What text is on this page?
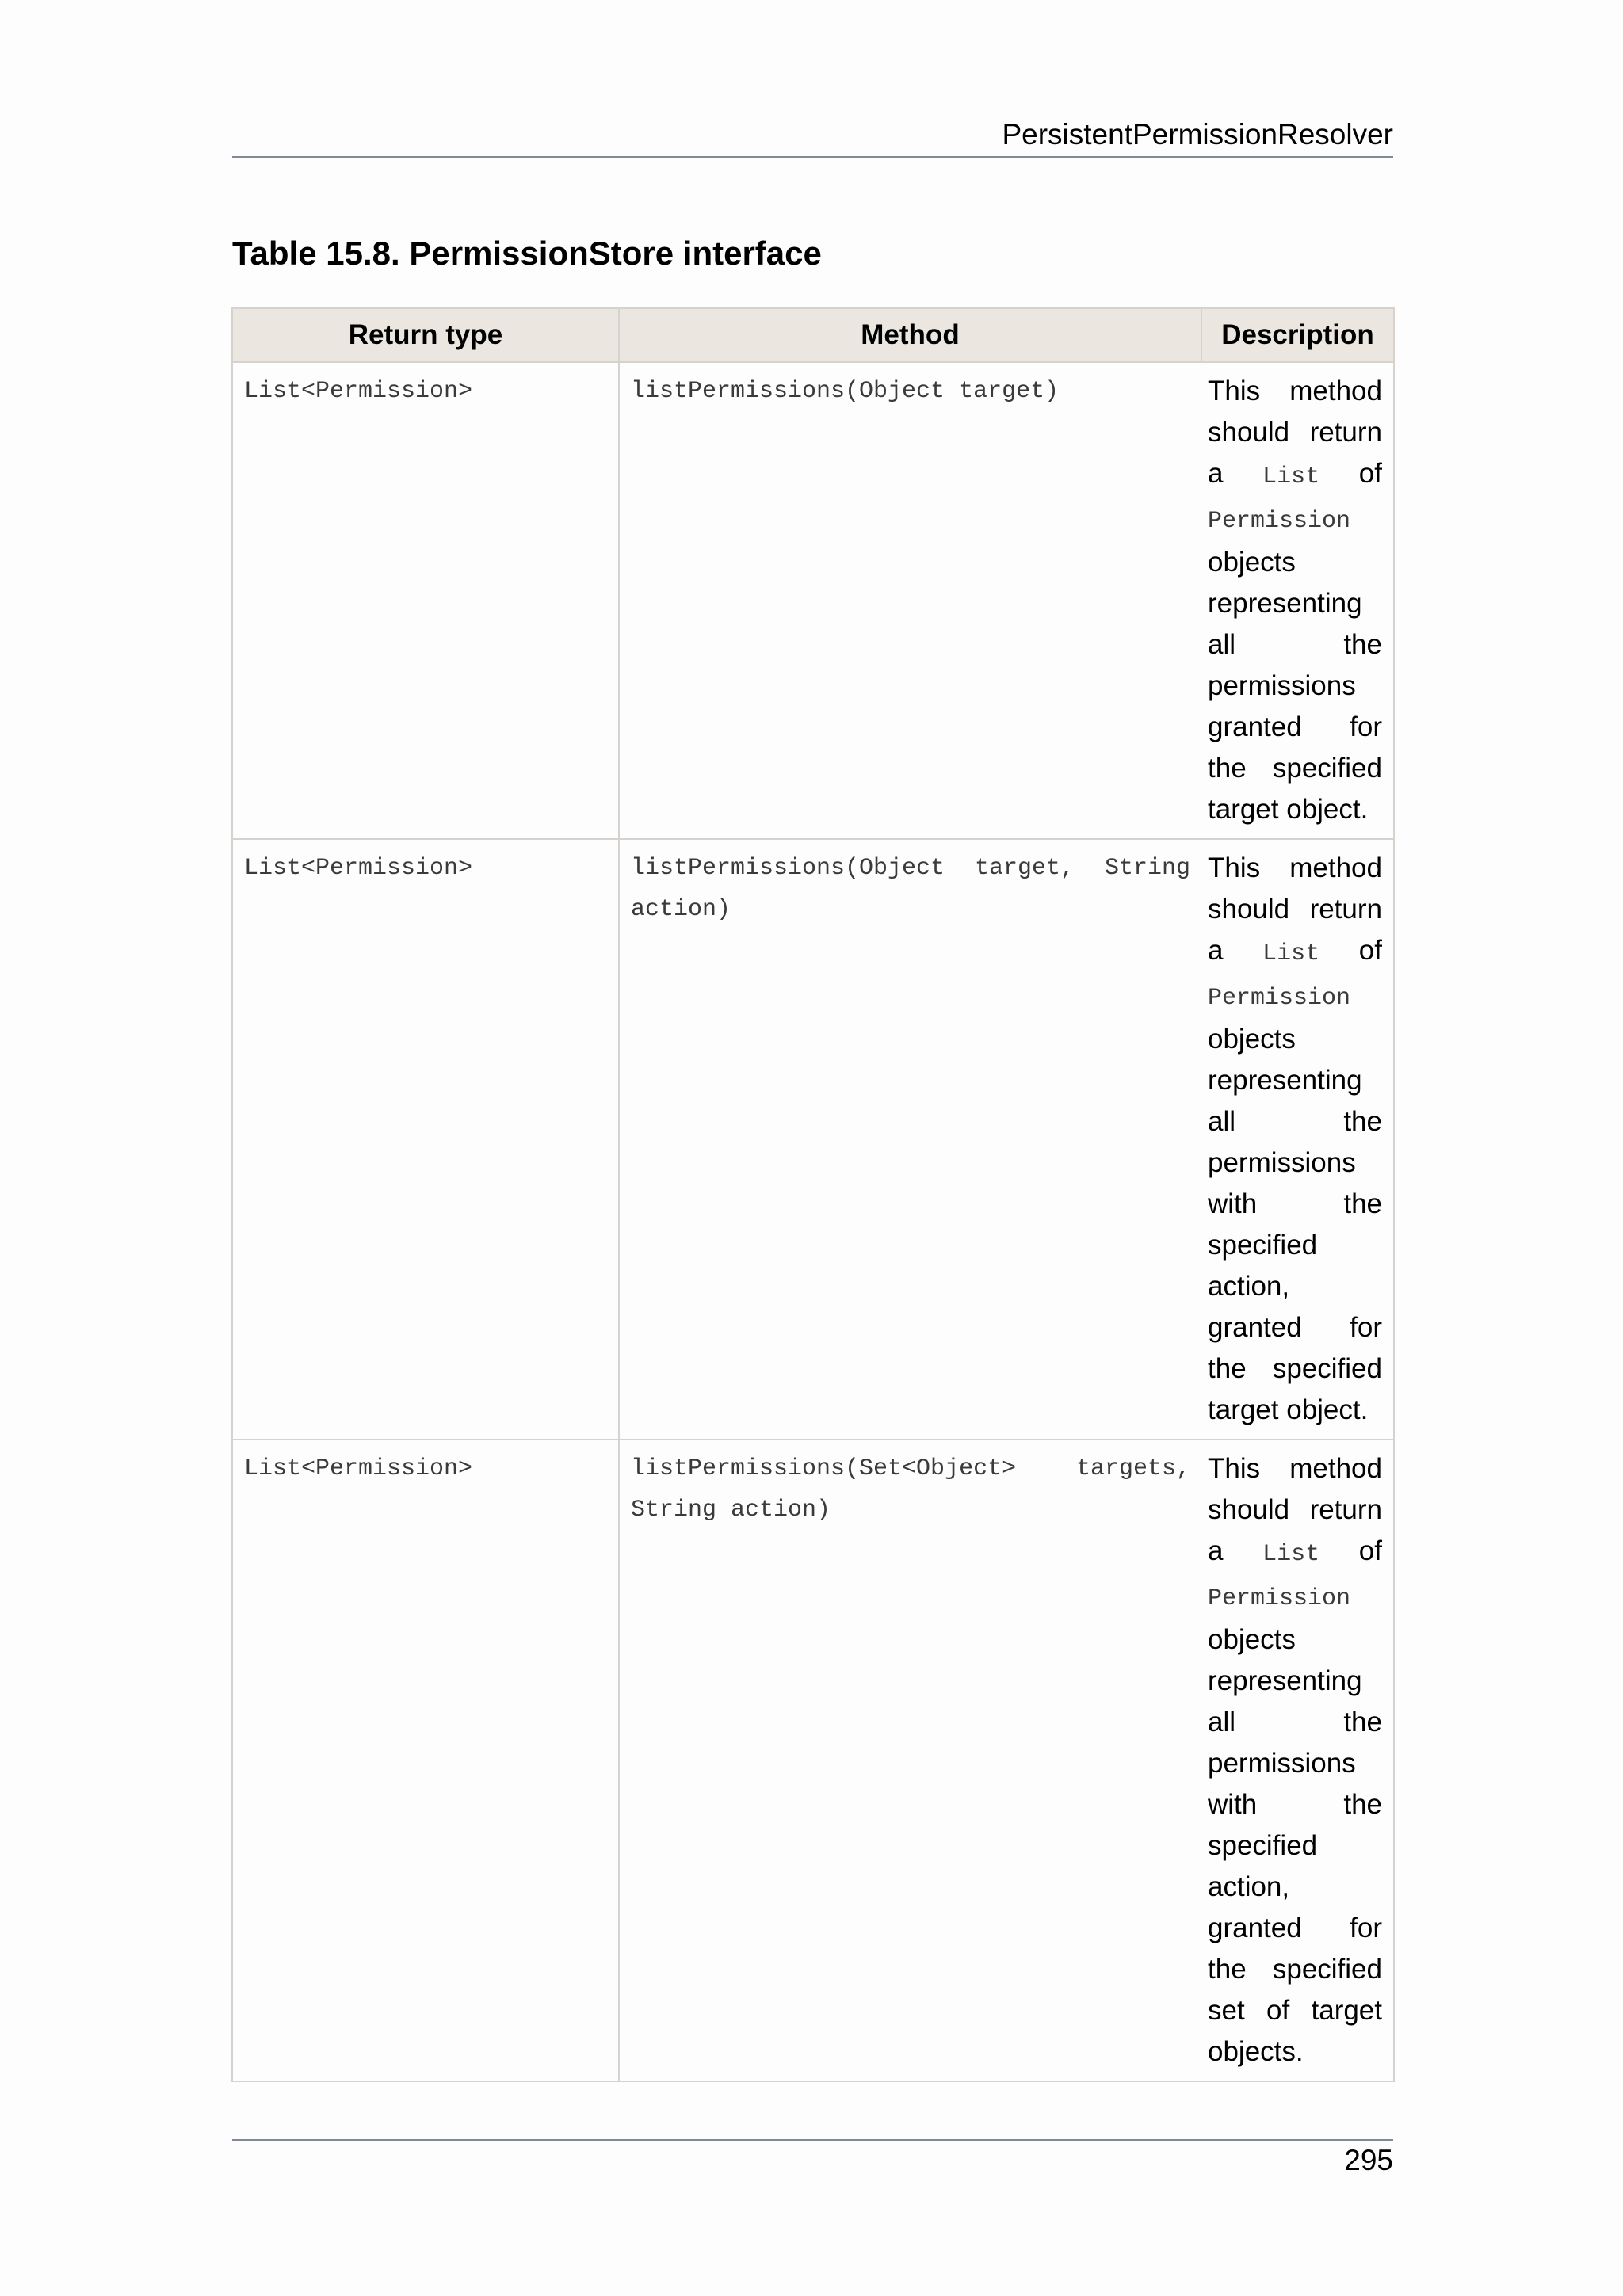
PersistentPermissionResolver
Table 15.8. PermissionStore interface
Return type	Method	Description

List<Permission>	listPermissions(Object target)	This method should return a List of Permission objects representing all the permissions granted for the specified target object.

List<Permission>	listPermissions(Object target, String action)	This method should return a List of Permission objects representing all the permissions with the specified action, granted for the specified target object.

List<Permission>	listPermissions(Set<Object> targets, String action)	This method should return a List of Permission objects representing all the permissions with the specified action, granted for the specified set of target objects.
295
